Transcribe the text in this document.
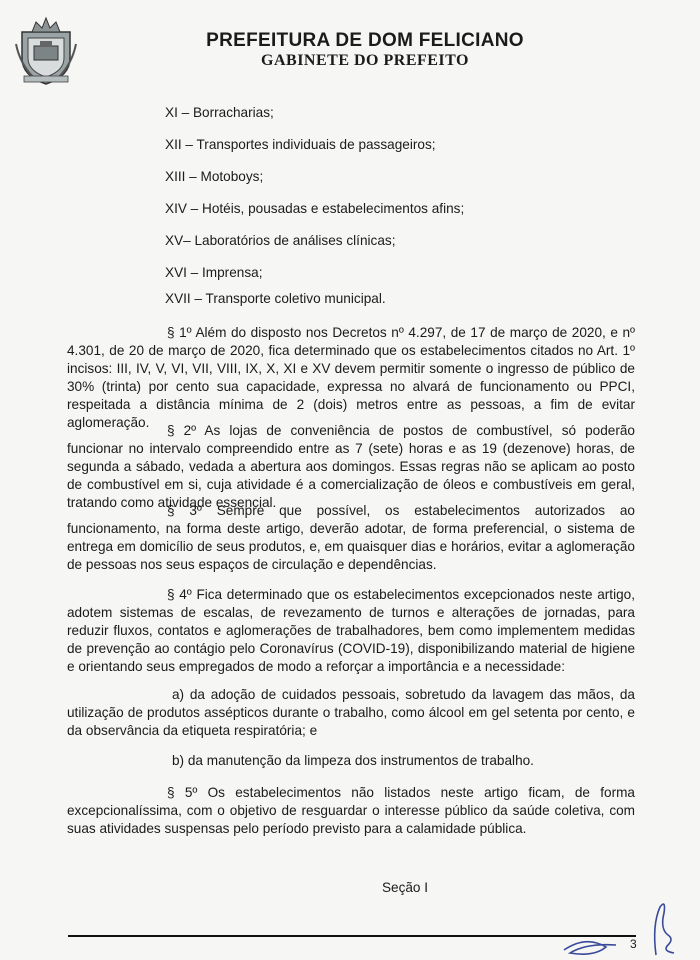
PREFEITURA DE DOM FELICIANO
GABINETE DO PREFEITO
XI – Borracharias;
XII – Transportes individuais de passageiros;
XIII – Motoboys;
XIV – Hotéis, pousadas e estabelecimentos afins;
XV– Laboratórios de análises clínicas;
XVI – Imprensa;
XVII – Transporte coletivo municipal.
§ 1º Além do disposto nos Decretos nº 4.297, de 17 de março de 2020, e nº 4.301, de 20 de março de 2020, fica determinado que os estabelecimentos citados no Art. 1º incisos: III, IV, V, VI, VII, VIII, IX, X, XI e XV devem permitir somente o ingresso de público de 30% (trinta) por cento sua capacidade, expressa no alvará de funcionamento ou PPCI, respeitada a distância mínima de 2 (dois) metros entre as pessoas, a fim de evitar aglomeração.
§ 2º As lojas de conveniência de postos de combustível, só poderão funcionar no intervalo compreendido entre as 7 (sete) horas e as 19 (dezenove) horas, de segunda a sábado, vedada a abertura aos domingos. Essas regras não se aplicam ao posto de combustível em si, cuja atividade é a comercialização de óleos e combustíveis em geral, tratando como atividade essencial.
§ 3º Sempre que possível, os estabelecimentos autorizados ao funcionamento, na forma deste artigo, deverão adotar, de forma preferencial, o sistema de entrega em domicílio de seus produtos, e, em quaisquer dias e horários, evitar a aglomeração de pessoas nos seus espaços de circulação e dependências.
§ 4º Fica determinado que os estabelecimentos excepcionados neste artigo, adotem sistemas de escalas, de revezamento de turnos e alterações de jornadas, para reduzir fluxos, contatos e aglomerações de trabalhadores, bem como implementem medidas de prevenção ao contágio pelo Coronavírus (COVID-19), disponibilizando material de higiene e orientando seus empregados de modo a reforçar a importância e a necessidade:
a) da adoção de cuidados pessoais, sobretudo da lavagem das mãos, da utilização de produtos assépticos durante o trabalho, como álcool em gel setenta por cento, e da observância da etiqueta respiratória; e
b) da manutenção da limpeza dos instrumentos de trabalho.
§ 5º Os estabelecimentos não listados neste artigo ficam, de forma excepcionalíssima, com o objetivo de resguardar o interesse público da saúde coletiva, com suas atividades suspensas pelo período previsto para a calamidade pública.
Seção I
3
